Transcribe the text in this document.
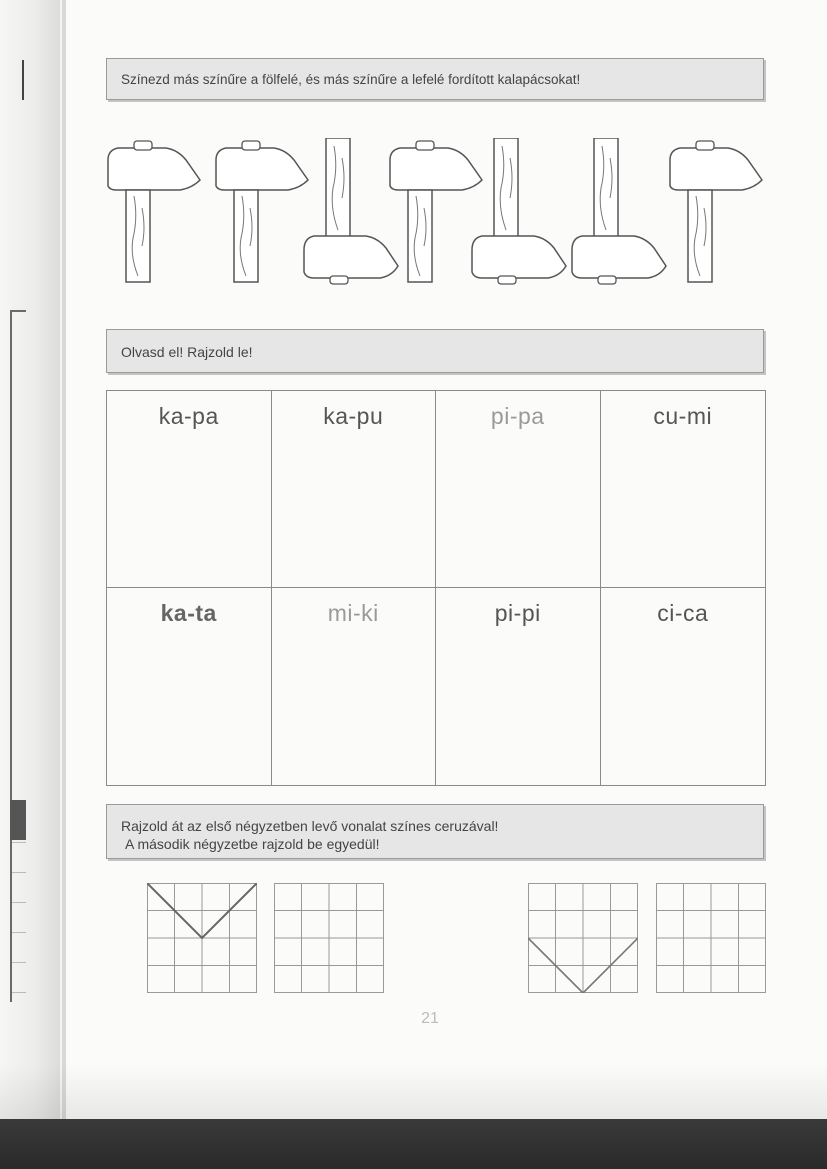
Színezd más színűre a fölfelé, és más színűre a lefelé fordított kalapácsokat!
Olvasd el! Rajzold le!
ka-pa	ka-pu	pi-pa	cu-mi
ka-ta	mi-ki	pi-pi	ci-ca
Rajzold át az első négyzetben levő vonalat színes ceruzával!
A második négyzetbe rajzold be egyedül!
21
